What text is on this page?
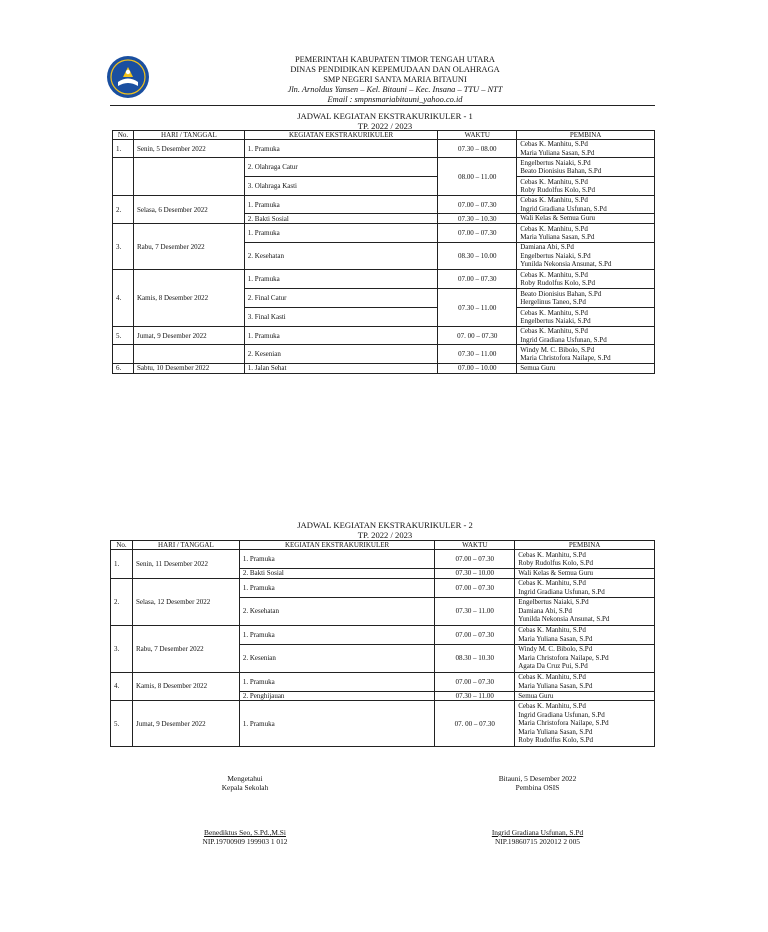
PEMERINTAH KABUPATEN TIMOR TENGAH UTARA
DINAS PENDIDIKAN KEPEMUDAAN DAN OLAHRAGA
SMP NEGERI SANTA MARIA BITAUNI
Jln. Arnoldus Yansen – Kel. Bitauni – Kec. Insana – TTU – NTT
Email : smpnsmariabitauni_yahoo.co.id
JADWAL KEGIATAN EKSTRAKURIKULER - 1
TP. 2022 / 2023
No.	HARI / TANGGAL	KEGIATAN EKSTRAKURIKULER	WAKTU	PEMBINA
1.	Senin, 5 Desember 2022	1. Pramuka	07.30 – 08.00	Cebas K. Manhitu, S.Pd
Maria Yuliana Sasan, S.Pd

		2. Olahraga Catur	08.00 – 11.00	Engelbertus Naiaki, S.Pd
Beato Dionisius Bahan, S.Pd

		3. Olahraga Kasti		Cebas K. Manhitu, S.Pd
Roby Rudolfus Kolo, S.Pd

2.	Selasa, 6 Desember 2022	1. Pramuka	07.00 – 07.30	Cebas K. Manhitu, S.Pd
Ingrid Gradiana Usfunan, S.Pd

		2. Bakti Sosial	07.30 – 10.30	Wali Kelas & Semua Guru

3.	Rabu, 7 Desember 2022	1. Pramuka	07.00 – 07.30	Cebas K. Manhitu, S.Pd
Maria Yuliana Sasan, S.Pd

		2. Kesehatan	08.30 – 10.00	Damiana Abi, S.Pd
Engelbertus Naiaki, S.Pd
Yunilda Nekonsia Ansunat, S.Pd

4.	Kamis, 8 Desember 2022	1. Pramuka	07.00 – 07.30	Cebas K. Manhitu, S.Pd
Roby Rudolfus Kolo, S.Pd

		2. Final Catur	07.30 – 11.00	Beato Dionisius Bahan, S.Pd
Hergelinus Taneo, S.Pd

		3. Final Kasti		Cebas K. Manhitu, S.Pd
Engelbertus Naiaki, S.Pd

5.	Jumat, 9 Desember 2022	1. Pramuka	07. 00 – 07.30	Cebas K. Manhitu, S.Pd
Ingrid Gradiana Usfunan, S.Pd

		2. Kesenian	07.30 – 11.00	Windy M. C. Bibolo, S.Pd
Maria Christofora Nailape, S.Pd

6.	Sabtu, 10 Desember 2022	1. Jalan Sehat	07.00 – 10.00	Semua Guru
JADWAL KEGIATAN EKSTRAKURIKULER - 2
TP. 2022 / 2023
No.	HARI / TANGGAL	KEGIATAN EKSTRAKURIKULER	WAKTU	PEMBINA
1.	Senin, 11 Desember 2022	1. Pramuka	07.00 – 07.30	Cebas K. Manhitu, S.Pd
Roby Rudolfus Kolo, S.Pd

		2. Bakti Sosial	07.30 – 10.00	Wali Kelas & Semua Guru

2.	Selasa, 12 Desember 2022	1. Pramuka	07.00 – 07.30	Cebas K. Manhitu, S.Pd
Ingrid Gradiana Usfunan, S.Pd

		2. Kesehatan	07.30 – 11.00	Engelbertus Naiaki, S.Pd
Damiana Abi, S.Pd
Yunilda Nekonsia Ansunat, S.Pd

3.	Rabu, 7 Desember 2022	1. Pramuka	07.00 – 07.30	Cebas K. Manhitu, S.Pd
Maria Yuliana Sasan, S.Pd

		2. Kesenian	08.30 – 10.30	Windy M. C. Bibolo, S.Pd
Maria Christofora Nailape, S.Pd
Agata Da Cruz Pui, S.Pd

4.	Kamis, 8 Desember 2022	1. Pramuka	07.00 – 07.30	Cebas K. Manhitu, S.Pd
Maria Yuliana Sasan, S.Pd

		2. Penghijauan	07.30 – 11.00	Semua Guru

5.	Jumat, 9 Desember 2022	1. Pramuka	07. 00 – 07.30	Cebas K. Manhitu, S.Pd
Ingrid Gradiana Usfunan, S.Pd
Maria Christofora Nailape, S.Pd
Maria Yuliana Sasan, S.Pd
Roby Rudolfus Kolo, S.Pd
Mengetahui
Kepala Sekolah
Benediktus Seo, S.Pd.,M.Si
NIP.19700909 199903 1 012
Bitauni, 5 Desember 2022
Pembina OSIS
Ingrid Gradiana Usfunan, S.Pd
NIP.19860715 202012 2 005
